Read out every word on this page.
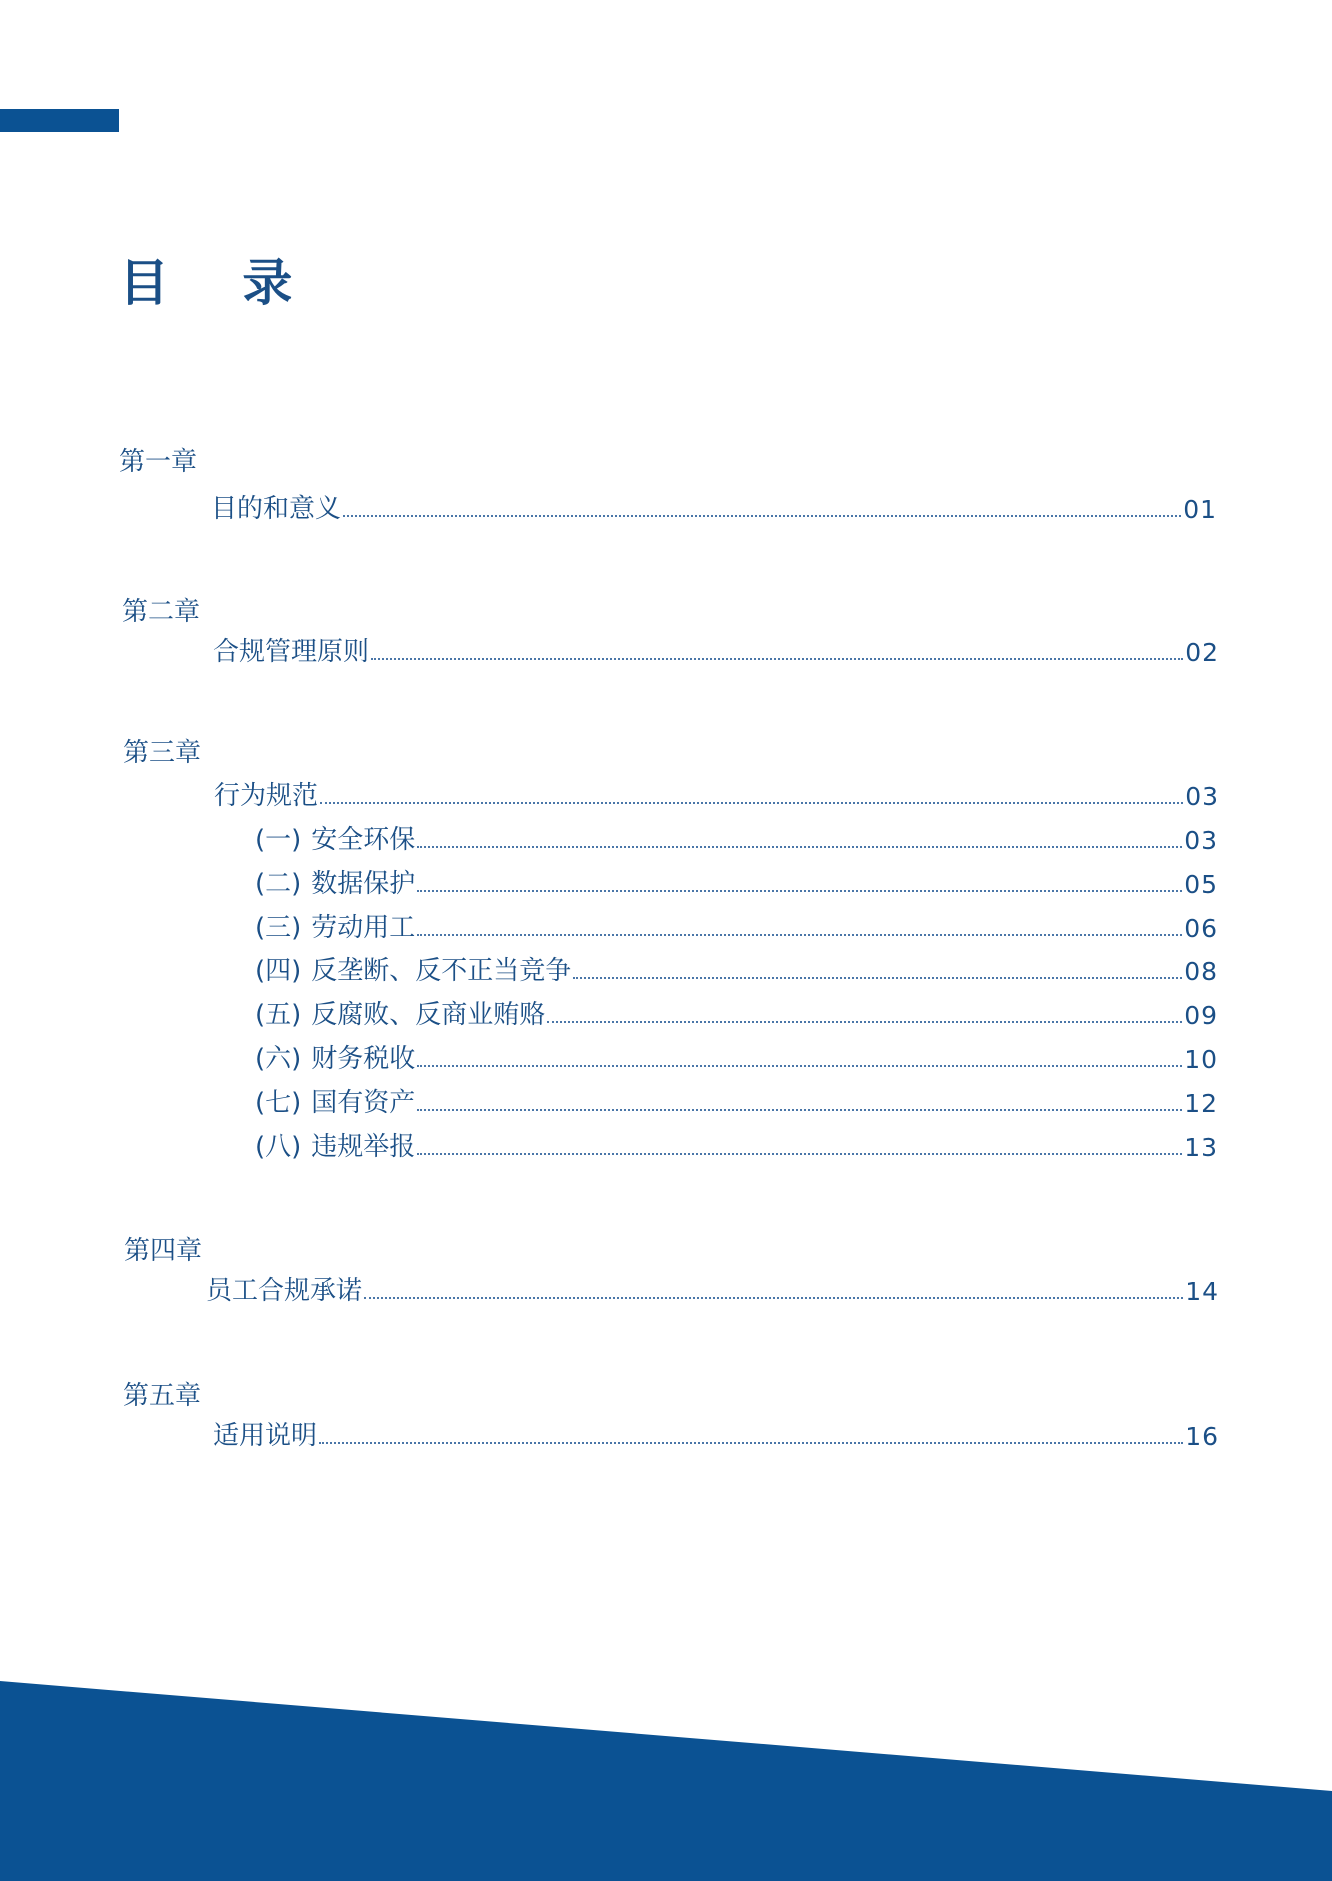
目 录
第一章
目的和意义	01
第二章
合规管理原则	02
第三章
行为规范	03
(一) 安全环保	03
(二) 数据保护	05
(三) 劳动用工	06
(四) 反垄断、反不正当竞争	08
(五) 反腐败、反商业贿赂	09
(六) 财务税收	10
(七) 国有资产	12
(八) 违规举报	13
第四章
员工合规承诺	14
第五章
适用说明	16
